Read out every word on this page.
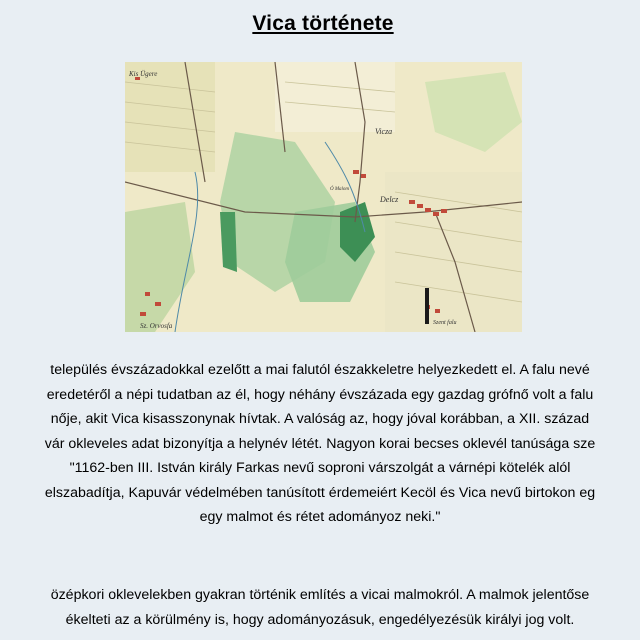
Vica története
Kis Ügere
Vicza
Delcz
Ó Malom
Sz. Orvosfa	Szent falu
település évszázadokkal ezelőtt a mai falutól északkeletre helyezkedett el. A falu nevé
eredetéről a népi tudatban az él, hogy néhány évszázada egy gazdag grófnő volt a falu
nője, akit Vica kisasszonynak hívtak. A valóság az, hogy jóval korábban, a XII. század
vár okleveles adat bizonyítja a helynév létét. Nagyon korai becses oklevél tanúsága sze
"1162-ben III. István király Farkas nevű soproni várszolgát a várnépi kötelék alól
elszabadítja, Kapuvár védelmében tanúsított érdemeiért Kecöl és Vica nevű birtokon eg
egy malmot és rétet adományoz neki."
özépkori oklevelekben gyakran történik említés a vicai malmokról. A malmok jelentőse
ékelteti az a körülmény is, hogy adományozásuk, engedélyezésük királyi jog volt.
